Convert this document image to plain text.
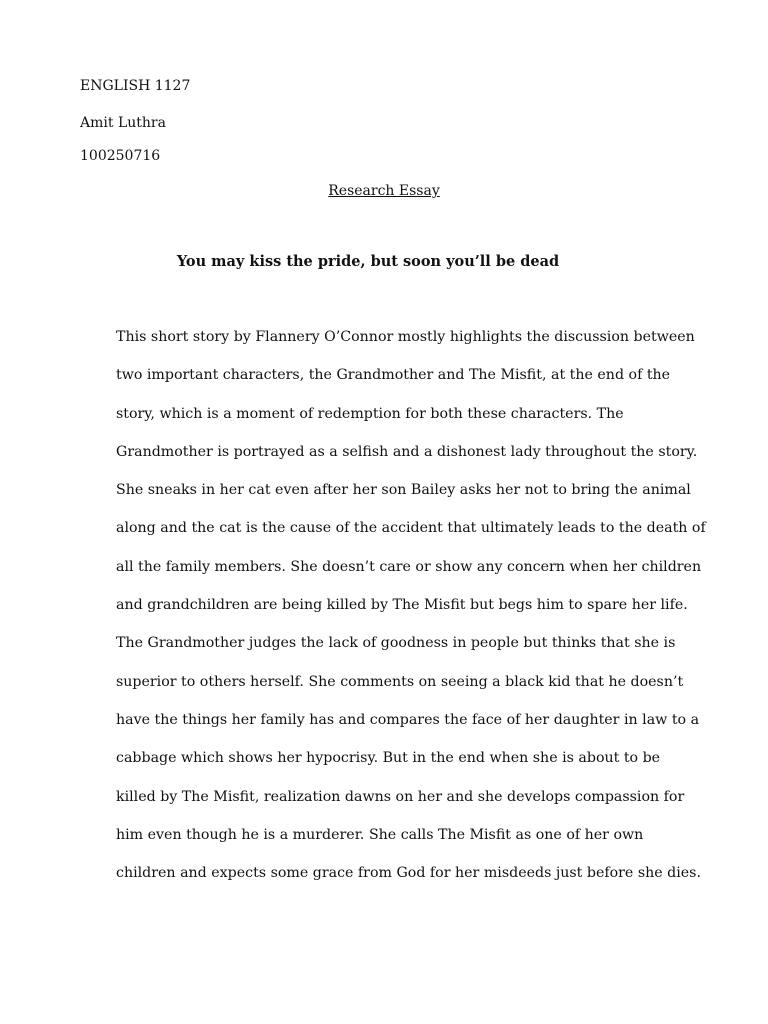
ENGLISH 1127
Amit Luthra
100250716
Research Essay
You may kiss the pride, but soon you’ll be dead
This short story by Flannery O’Connor mostly highlights the discussion between
two important characters, the Grandmother and The Misfit, at the end of the
story, which is a moment of redemption for both these characters. The
Grandmother is portrayed as a selfish and a dishonest lady throughout the story.
She sneaks in her cat even after her son Bailey asks her not to bring the animal
along and the cat is the cause of the accident that ultimately leads to the death of
all the family members. She doesn’t care or show any concern when her children
and grandchildren are being killed by The Misfit but begs him to spare her life.
The Grandmother judges the lack of goodness in people but thinks that she is
superior to others herself. She comments on seeing a black kid that he doesn’t
have the things her family has and compares the face of her daughter in law to a
cabbage which shows her hypocrisy. But in the end when she is about to be
killed by The Misfit, realization dawns on her and she develops compassion for
him even though he is a murderer. She calls The Misfit as one of her own
children and expects some grace from God for her misdeeds just before she dies.
